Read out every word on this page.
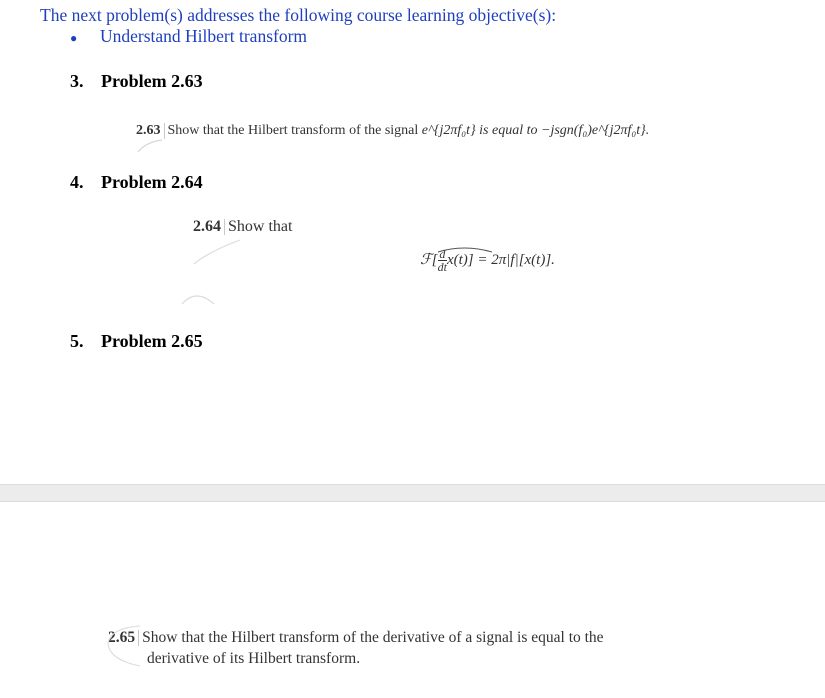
The next problem(s) addresses the following course learning objective(s):
● Understand Hilbert transform
3. Problem 2.63
2.63 Show that the Hilbert transform of the signal e^{j2πf₀t} is equal to −jsgn(f₀)e^{j2πf₀t}.
4. Problem 2.64
2.64 Show that
ℱ[ $\frac{d}{dt} x(t)] = 2\pi|f|[x(t)]$.
5. Problem 2.65
2.65 Show that the Hilbert transform of the derivative of a signal is equal to the
derivative of its Hilbert transform.
